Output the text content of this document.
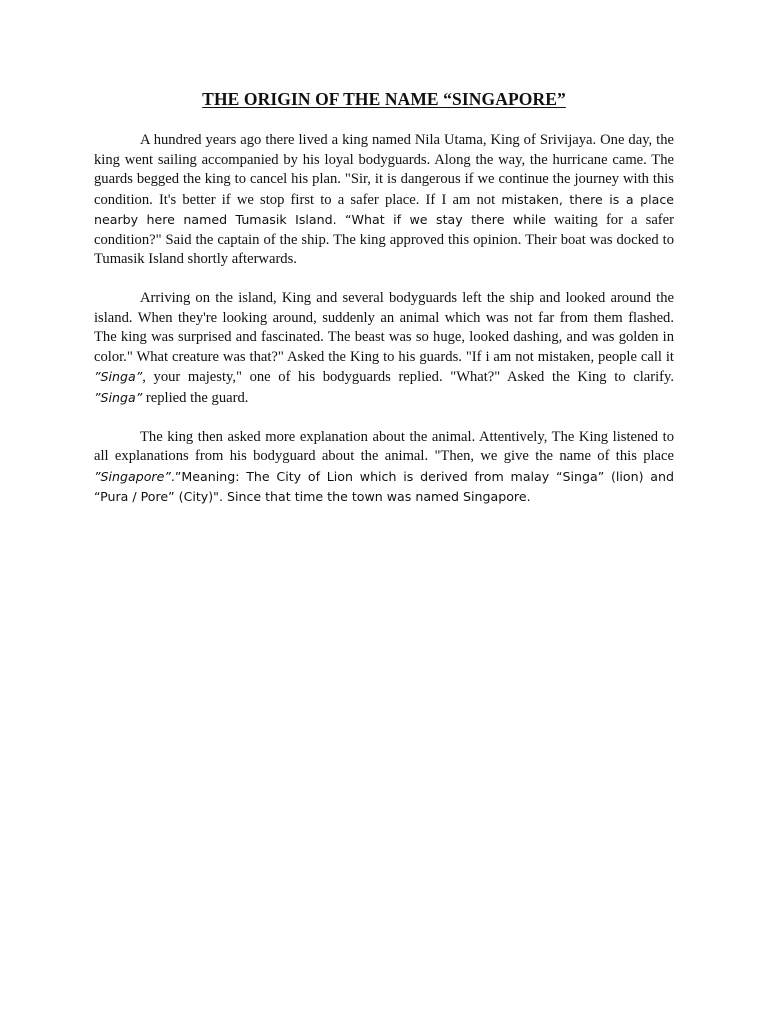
THE ORIGIN OF THE NAME “SINGAPORE”

A hundred years ago there lived a king named Nila Utama, King of Srivijaya. One day, the king went sailing accompanied by his loyal bodyguards. Along the way, the hurricane came. The guards begged the king to cancel his plan. "Sir, it is dangerous if we continue the journey with this condition. It's better if we stop first to a safer place. If I am not mistaken, there is a place nearby here named Tumasik Island. “What if we stay there while waiting for a safer condition?" Said the captain of the ship. The king approved this opinion. Their boat was docked to Tumasik Island shortly afterwards.

Arriving on the island, King and several bodyguards left the ship and looked around the island. When they're looking around, suddenly an animal which was not far from them flashed. The king was surprised and fascinated. The beast was so huge, looked dashing, and was golden in color." What creature was that?" Asked the King to his guards. "If i am not mistaken, people call it ”Singa”, your majesty," one of his bodyguards replied. "What?" Asked the King to clarify. ”Singa” replied the guard.

The king then asked more explanation about the animal. Attentively, The King listened to all explanations from his bodyguard about the animal. "Then, we give the name of this place ”Singapore”.”Meaning: The City of Lion which is derived from malay “Singa” (lion) and “Pura / Pore” (City)". Since that time the town was named Singapore.
